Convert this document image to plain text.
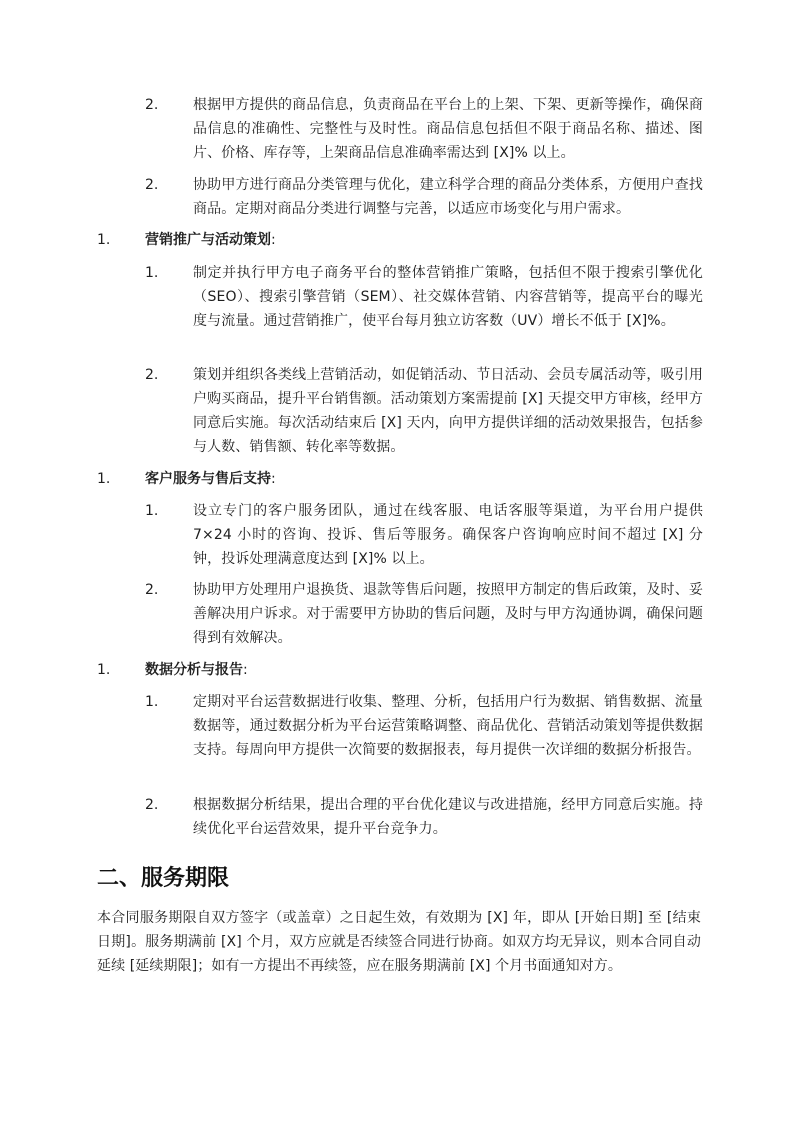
2. 根据甲方提供的商品信息，负责商品在平台上的上架、下架、更新等操作，确保商品信息的准确性、完整性与及时性。商品信息包括但不限于商品名称、描述、图片、价格、库存等，上架商品信息准确率需达到 [X]% 以上。
2. 协助甲方进行商品分类管理与优化，建立科学合理的商品分类体系，方便用户查找商品。定期对商品分类进行调整与完善，以适应市场变化与用户需求。
1. 营销推广与活动策划:
1. 制定并执行甲方电子商务平台的整体营销推广策略，包括但不限于搜索引擎优化（SEO）、搜索引擎营销（SEM）、社交媒体营销、内容营销等，提高平台的曝光度与流量。通过营销推广，使平台每月独立访客数（UV）增长不低于 [X]%。
2. 策划并组织各类线上营销活动，如促销活动、节日活动、会员专属活动等，吸引用户购买商品，提升平台销售额。活动策划方案需提前 [X] 天提交甲方审核，经甲方同意后实施。每次活动结束后 [X] 天内，向甲方提供详细的活动效果报告，包括参与人数、销售额、转化率等数据。
1. 客户服务与售后支持:
1. 设立专门的客户服务团队，通过在线客服、电话客服等渠道，为平台用户提供 7×24 小时的咨询、投诉、售后等服务。确保客户咨询响应时间不超过 [X] 分钟，投诉处理满意度达到 [X]% 以上。
2. 协助甲方处理用户退换货、退款等售后问题，按照甲方制定的售后政策，及时、妥善解决用户诉求。对于需要甲方协助的售后问题，及时与甲方沟通协调，确保问题得到有效解决。
1. 数据分析与报告:
1. 定期对平台运营数据进行收集、整理、分析，包括用户行为数据、销售数据、流量数据等，通过数据分析为平台运营策略调整、商品优化、营销活动策划等提供数据支持。每周向甲方提供一次简要的数据报表，每月提供一次详细的数据分析报告。
2. 根据数据分析结果，提出合理的平台优化建议与改进措施，经甲方同意后实施。持续优化平台运营效果，提升平台竞争力。
二、服务期限
本合同服务期限自双方签字（或盖章）之日起生效，有效期为 [X] 年，即从 [开始日期] 至 [结束日期]。服务期满前 [X] 个月，双方应就是否续签合同进行协商。如双方均无异议，则本合同自动延续 [延续期限]；如有一方提出不再续签，应在服务期满前 [X] 个月书面通知对方。
